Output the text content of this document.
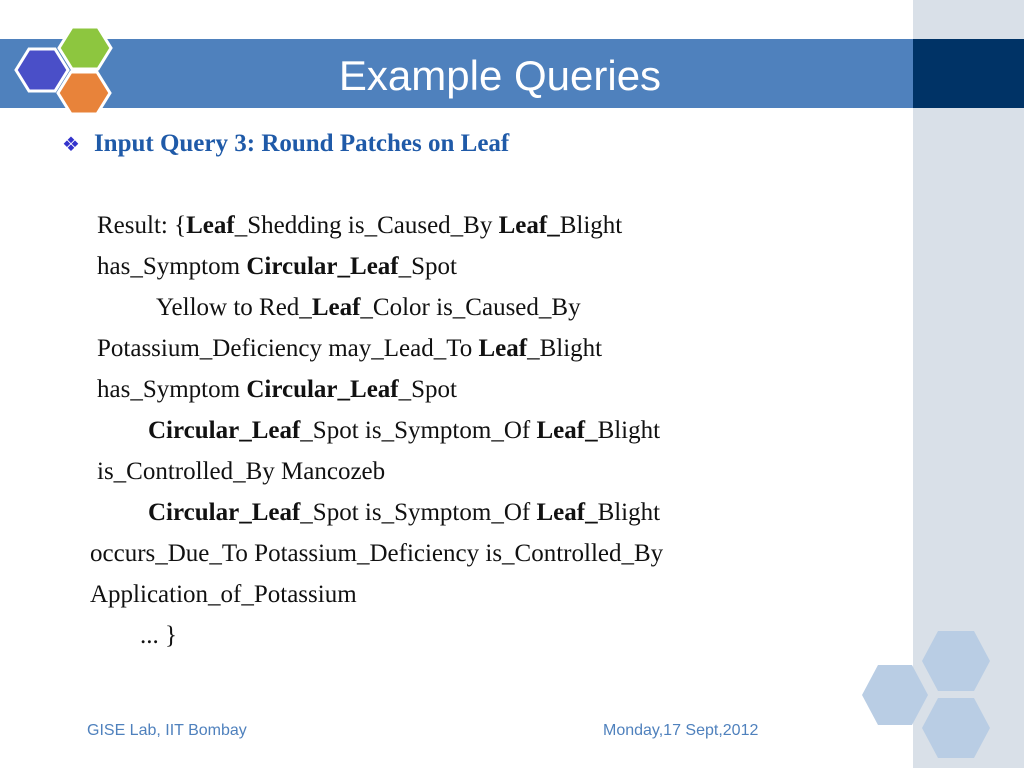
Example Queries
❖ Input Query 3: Round Patches on Leaf
Result: {Leaf_Shedding is_Caused_By Leaf_Blight
has_Symptom Circular_Leaf_Spot
Yellow to Red_Leaf_Color is_Caused_By
Potassium_Deficiency may_Lead_To Leaf_Blight
has_Symptom Circular_Leaf_Spot
Circular_Leaf_Spot is_Symptom_Of Leaf_Blight
is_Controlled_By Mancozeb
Circular_Leaf_Spot is_Symptom_Of Leaf_Blight
occurs_Due_To Potassium_Deficiency is_Controlled_By
Application_of_Potassium
... }
GISE Lab, IIT Bombay	Monday,17 Sept,2012
